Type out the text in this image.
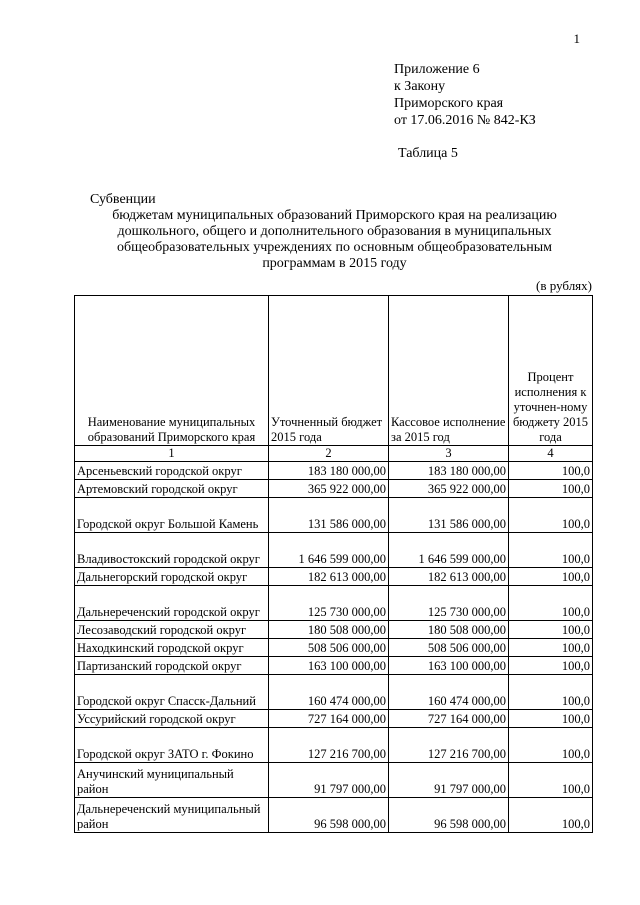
1
Приложение 6
к Закону
Приморского края
от 17.06.2016 № 842-КЗ
Таблица 5
Субвенции
бюджетам муниципальных образований Приморского края на реализацию дошкольного, общего и дополнительного образования в муниципальных общеобразовательных учреждениях по основным общеобразовательным программам в 2015 году
(в рублях)
Наименование муниципальных образований Приморского края	Уточненный бюджет 2015 года	Кассовое исполнение за 2015 год	Процент исполнения к уточнен-ному бюджету 2015 года
1	2	3	4
Арсеньевский городской округ	183 180 000,00	183 180 000,00	100,0
Артемовский городской округ	365 922 000,00	365 922 000,00	100,0
Городской округ Большой Камень	131 586 000,00	131 586 000,00	100,0
Владивостокский городской округ	1 646 599 000,00	1 646 599 000,00	100,0
Дальнегорский городской округ	182 613 000,00	182 613 000,00	100,0
Дальнереченский городской округ	125 730 000,00	125 730 000,00	100,0
Лесозаводский городской округ	180 508 000,00	180 508 000,00	100,0
Находкинский городской округ	508 506 000,00	508 506 000,00	100,0
Партизанский городской округ	163 100 000,00	163 100 000,00	100,0
Городской округ Спасск-Дальний	160 474 000,00	160 474 000,00	100,0
Уссурийский городской округ	727 164 000,00	727 164 000,00	100,0
Городской округ ЗАТО г. Фокино	127 216 700,00	127 216 700,00	100,0
Анучинский муниципальный район	91 797 000,00	91 797 000,00	100,0
Дальнереченский муниципальный район	96 598 000,00	96 598 000,00	100,0
